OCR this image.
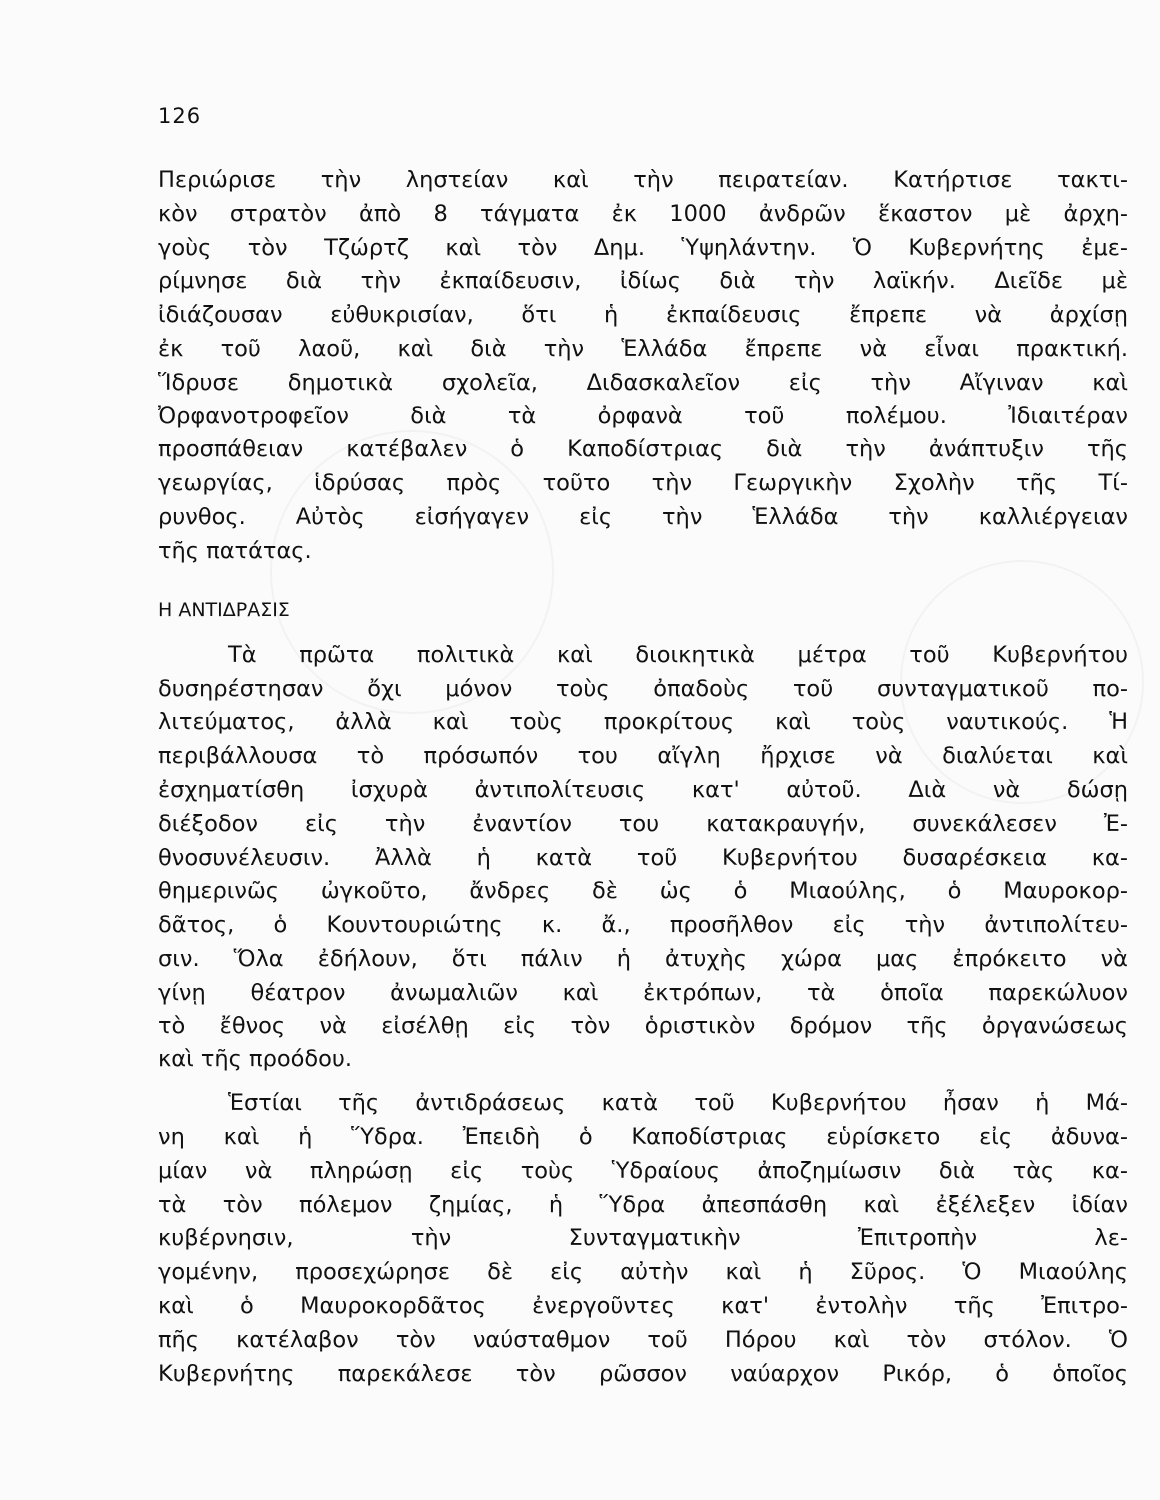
126
Περιώρισε τὴν ληστείαν καὶ τὴν πειρατείαν. Κατήρτισε τακτι-
κὸν στρατὸν ἀπὸ 8 τάγματα ἐκ 1000 ἀνδρῶν ἕκαστον μὲ ἀρχη-
γοὺς τὸν Τζώρτζ καὶ τὸν Δημ. Ὑψηλάντην. Ὁ Κυβερνήτης ἐμε-
ρίμνησε διὰ τὴν ἐκπαίδευσιν, ἰδίως διὰ τὴν λαϊκήν. Διεῖδε μὲ
ἰδιάζουσαν εὐθυκρισίαν, ὅτι ἡ ἐκπαίδευσις ἔπρεπε νὰ ἀρχίσῃ
ἐκ τοῦ λαοῦ, καὶ διὰ τὴν Ἑλλάδα ἔπρεπε νὰ εἶναι πρακτική.
Ἵδρυσε δημοτικὰ σχολεῖα, Διδασκαλεῖον εἰς τὴν Αἴγιναν καὶ
Ὀρφανοτροφεῖον διὰ τὰ ὀρφανὰ τοῦ πολέμου. Ἰδιαιτέραν
προσπάθειαν κατέβαλεν ὁ Καποδίστριας διὰ τὴν ἀνάπτυξιν τῆς
γεωργίας, ἱδρύσας πρὸς τοῦτο τὴν Γεωργικὴν Σχολὴν τῆς Τί-
ρυνθος. Αὐτὸς εἰσήγαγεν εἰς τὴν Ἑλλάδα τὴν καλλιέργειαν
τῆς πατάτας.
Η ΑΝΤΙΔΡΑΣΙΣ
Τὰ πρῶτα πολιτικὰ καὶ διοικητικὰ μέτρα τοῦ Κυβερνήτου
δυσηρέστησαν ὄχι μόνον τοὺς ὀπαδοὺς τοῦ συνταγματικοῦ πο-
λιτεύματος, ἀλλὰ καὶ τοὺς προκρίτους καὶ τοὺς ναυτικούς. Ἡ
περιβάλλουσα τὸ πρόσωπόν του αἴγλη ἤρχισε νὰ διαλύεται καὶ
ἐσχηματίσθη ἰσχυρὰ ἀντιπολίτευσις κατ' αὐτοῦ. Διὰ νὰ δώσῃ
διέξοδον εἰς τὴν ἐναντίον του κατακραυγήν, συνεκάλεσεν Ἐ-
θνοσυνέλευσιν. Ἀλλὰ ἡ κατὰ τοῦ Κυβερνήτου δυσαρέσκεια κα-
θημερινῶς ὠγκοῦτο, ἄνδρες δὲ ὡς ὁ Μιαούλης, ὁ Μαυροκορ-
δᾶτος, ὁ Κουντουριώτης κ. ἄ., προσῆλθον εἰς τὴν ἀντιπολίτευ-
σιν. Ὅλα ἐδήλουν, ὅτι πάλιν ἡ ἀτυχὴς χώρα μας ἐπρόκειτο νὰ
γίνῃ θέατρον ἀνωμαλιῶν καὶ ἐκτρόπων, τὰ ὁποῖα παρεκώλυον
τὸ ἔθνος νὰ εἰσέλθῃ εἰς τὸν ὁριστικὸν δρόμον τῆς ὀργανώσεως
καὶ τῆς προόδου.
Ἑστίαι τῆς ἀντιδράσεως κατὰ τοῦ Κυβερνήτου ἦσαν ἡ Μά-
νη καὶ ἡ Ὕδρα. Ἐπειδὴ ὁ Καποδίστριας εὑρίσκετο εἰς ἀδυνα-
μίαν νὰ πληρώσῃ εἰς τοὺς Ὑδραίους ἀποζημίωσιν διὰ τὰς κα-
τὰ τὸν πόλεμον ζημίας, ἡ Ὕδρα ἀπεσπάσθη καὶ ἐξέλεξεν ἰδίαν
κυβέρνησιν, τὴν Συνταγματικὴν Ἐπιτροπὴν λε-
γομένην, προσεχώρησε δὲ εἰς αὐτὴν καὶ ἡ Σῦρος. Ὁ Μιαούλης
καὶ ὁ Μαυροκορδᾶτος ἐνεργοῦντες κατ' ἐντολὴν τῆς Ἐπιτρο-
πῆς κατέλαβον τὸν ναύσταθμον τοῦ Πόρου καὶ τὸν στόλον. Ὁ
Κυβερνήτης παρεκάλεσε τὸν ρῶσσον ναύαρχον Ρικόρ, ὁ ὁποῖος
